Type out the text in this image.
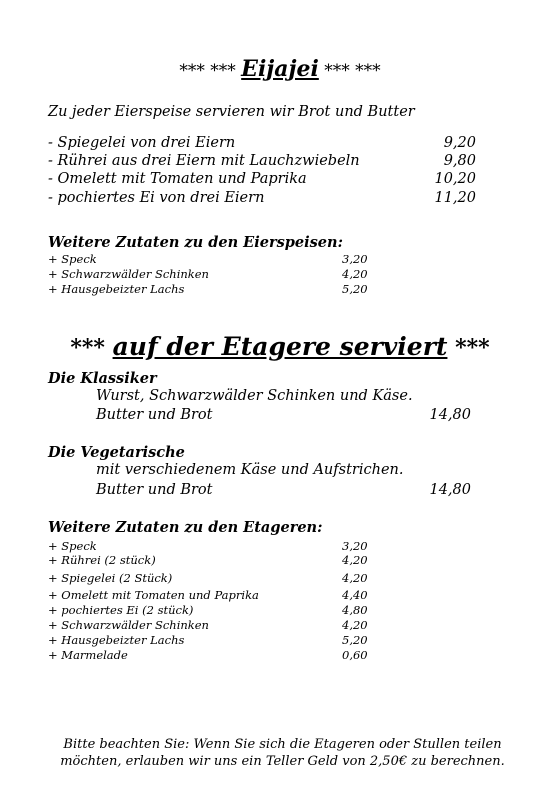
*** *** Eijajei *** ***
Zu jeder Eierspeise servieren wir Brot und Butter
- Spiegelei von drei Eiern	9,20
- Rührei aus drei Eiern mit Lauchzwiebeln	9,80
- Omelett mit Tomaten und Paprika	10,20
- pochiertes Ei von drei Eiern	11,20
Weitere Zutaten zu den Eierspeisen:
+ Speck	3,20
+ Schwarzwälder Schinken	4,20
+ Hausgebeizter Lachs	5,20
*** auf der Etagere serviert ***
Die Klassiker
Wurst, Schwarzwälder Schinken und Käse.
Butter und Brot	14,80
Die Vegetarische
mit verschiedenem Käse und Aufstrichen.
Butter und Brot	14,80
Weitere Zutaten zu den Etageren:
+ Speck	3,20
+ Rührei (2 stück)	4,20
+ Spiegelei (2 Stück)	4,20
+ Omelett mit Tomaten und Paprika	4,40
+ pochiertes Ei (2 stück)	4,80
+ Schwarzwälder Schinken	4,20
+ Hausgebeizter Lachs	5,20
+ Marmelade	0,60
Bitte beachten Sie: Wenn Sie sich die Etageren oder Stullen teilen
möchten, erlauben wir uns ein Teller Geld von 2,50€ zu berechnen.
